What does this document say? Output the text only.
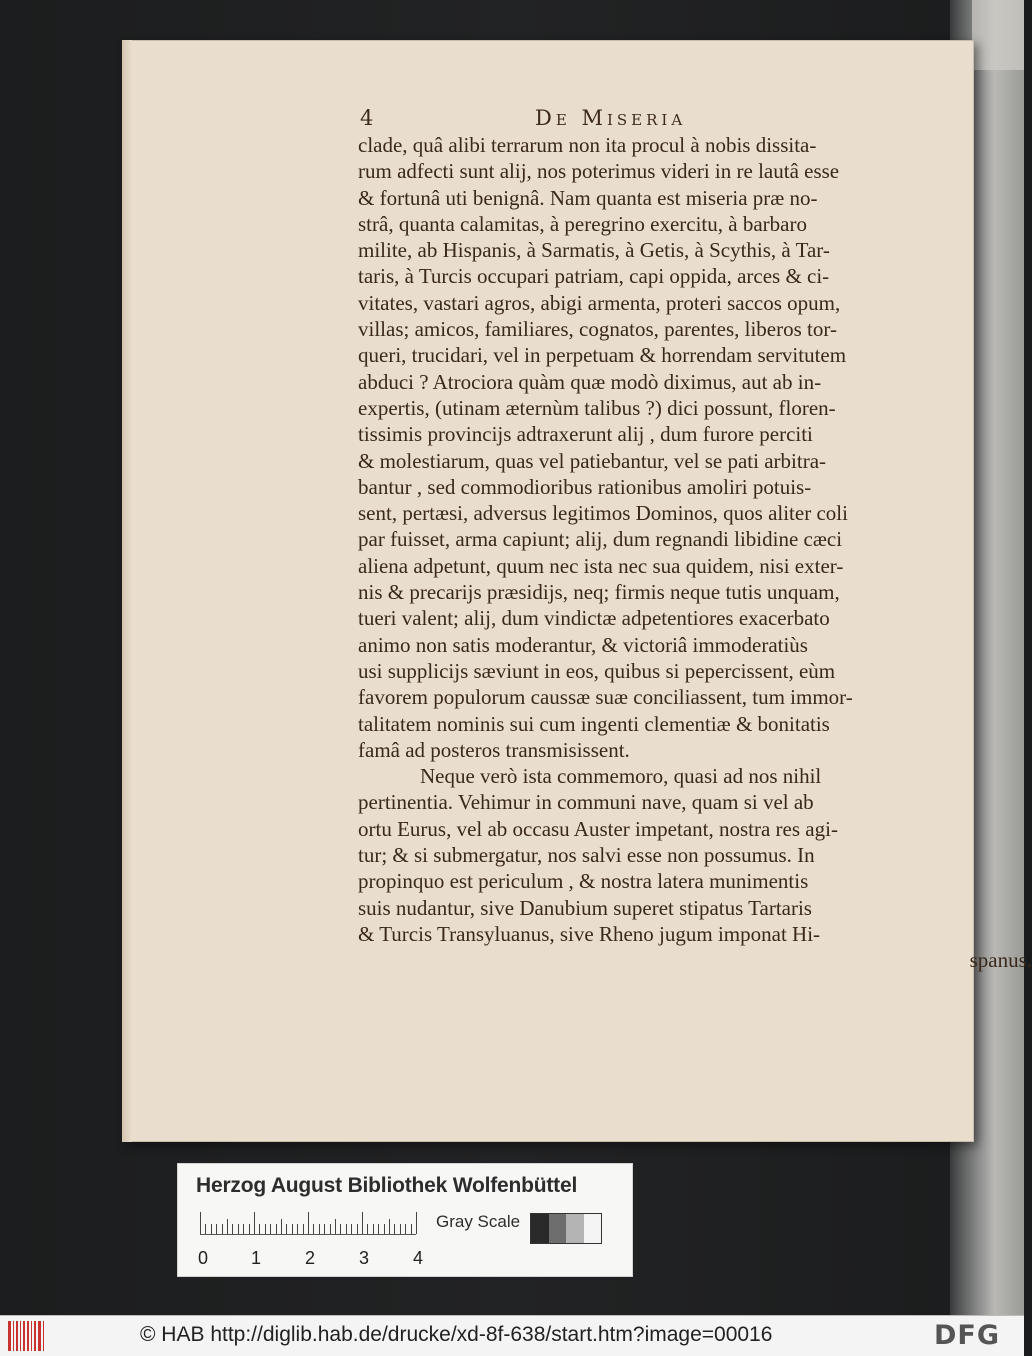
4	De Miseria
clade, quâ alibi terrarum non ita procul à nobis dissita-
rum adfecti sunt alij, nos poterimus videri in re lautâ esse
& fortunâ uti benignâ. Nam quanta est miseria præ no-
strâ, quanta calamitas, à peregrino exercitu, à barbaro
milite, ab Hispanis, à Sarmatis, à Getis, à Scythis, à Tar-
taris, à Turcis occupari patriam, capi oppida, arces & ci-
vitates, vastari agros, abigi armenta, proteri saccos opum,
villas; amicos, familiares, cognatos, parentes, liberos tor-
queri, trucidari, vel in perpetuam & horrendam servitutem
abduci ? Atrociora quàm quæ modò diximus, aut ab in-
expertis, (utinam æternùm talibus ?) dici possunt, floren-
tissimis provincijs adtraxerunt alij , dum furore perciti
& molestiarum, quas vel patiebantur, vel se pati arbitra-
bantur , sed commodioribus rationibus amoliri potuis-
sent, pertæsi, adversus legitimos Dominos, quos aliter coli
par fuisset, arma capiunt; alij, dum regnandi libidine cæci
aliena adpetunt, quum nec ista nec sua quidem, nisi exter-
nis & precarijs præsidijs, neq; firmis neque tutis unquam,
tueri valent; alij, dum vindictæ adpetentiores exacerbato
animo non satis moderantur, & victoriâ immoderatiùs
usi supplicijs sæviunt in eos, quibus si pepercissent, eùm
favorem populorum caussæ suæ conciliassent, tum immor-
talitatem nominis sui cum ingenti clementiæ & bonitatis
famâ ad posteros transmisissent.
Neque verò ista commemoro, quasi ad nos nihil
pertinentia. Vehimur in communi nave, quam si vel ab
ortu Eurus, vel ab occasu Auster impetant, nostra res agi-
tur; & si submergatur, nos salvi esse non possumus. In
propinquo est periculum , & nostra latera munimentis
suis nudantur, sive Danubium superet stipatus Tartaris
& Turcis Transyluanus, sive Rheno jugum imponat Hi-
spanus.
Herzog August Bibliothek Wolfenbüttel
0 1 2 3 4
Gray Scale
© HAB http://diglib.hab.de/drucke/xd-8f-638/start.htm?image=00016	DFG
